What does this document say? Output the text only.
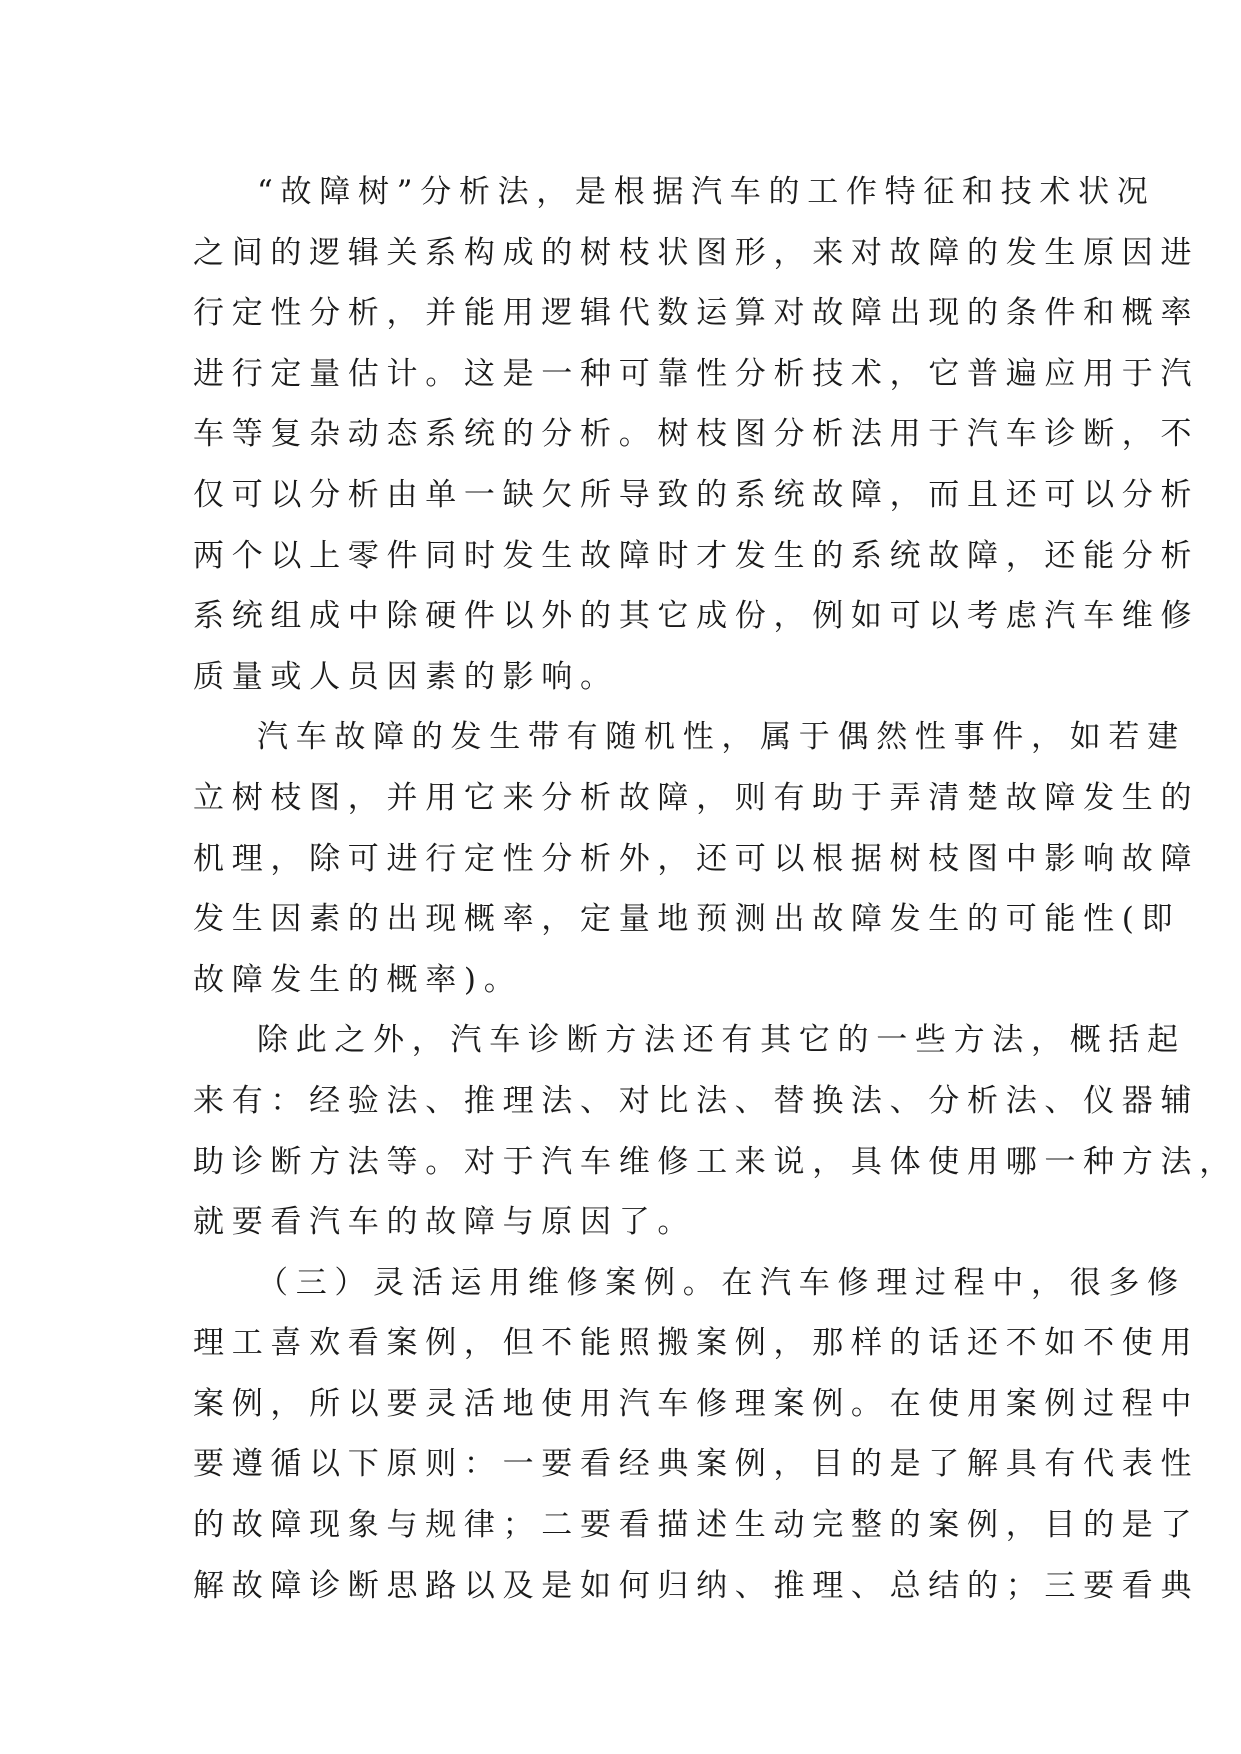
“故障树”分析法，是根据汽车的工作特征和技术状况
之间的逻辑关系构成的树枝状图形，来对故障的发生原因进
行定性分析，并能用逻辑代数运算对故障出现的条件和概率
进行定量估计。这是一种可靠性分析技术，它普遍应用于汽
车等复杂动态系统的分析。树枝图分析法用于汽车诊断，不
仅可以分析由单一缺欠所导致的系统故障，而且还可以分析
两个以上零件同时发生故障时才发生的系统故障，还能分析
系统组成中除硬件以外的其它成份，例如可以考虑汽车维修
质量或人员因素的影响。
汽车故障的发生带有随机性，属于偶然性事件，如若建
立树枝图，并用它来分析故障，则有助于弄清楚故障发生的
机理，除可进行定性分析外，还可以根据树枝图中影响故障
发生因素的出现概率，定量地预测出故障发生的可能性(即
故障发生的概率)。
除此之外，汽车诊断方法还有其它的一些方法，概括起
来有：经验法、推理法、对比法、替换法、分析法、仪器辅
助诊断方法等。对于汽车维修工来说，具体使用哪一种方法，
就要看汽车的故障与原因了。
（三）灵活运用维修案例。在汽车修理过程中，很多修
理工喜欢看案例，但不能照搬案例，那样的话还不如不使用
案例，所以要灵活地使用汽车修理案例。在使用案例过程中
要遵循以下原则：一要看经典案例，目的是了解具有代表性
的故障现象与规律；二要看描述生动完整的案例，目的是了
解故障诊断思路以及是如何归纳、推理、总结的；三要看典
